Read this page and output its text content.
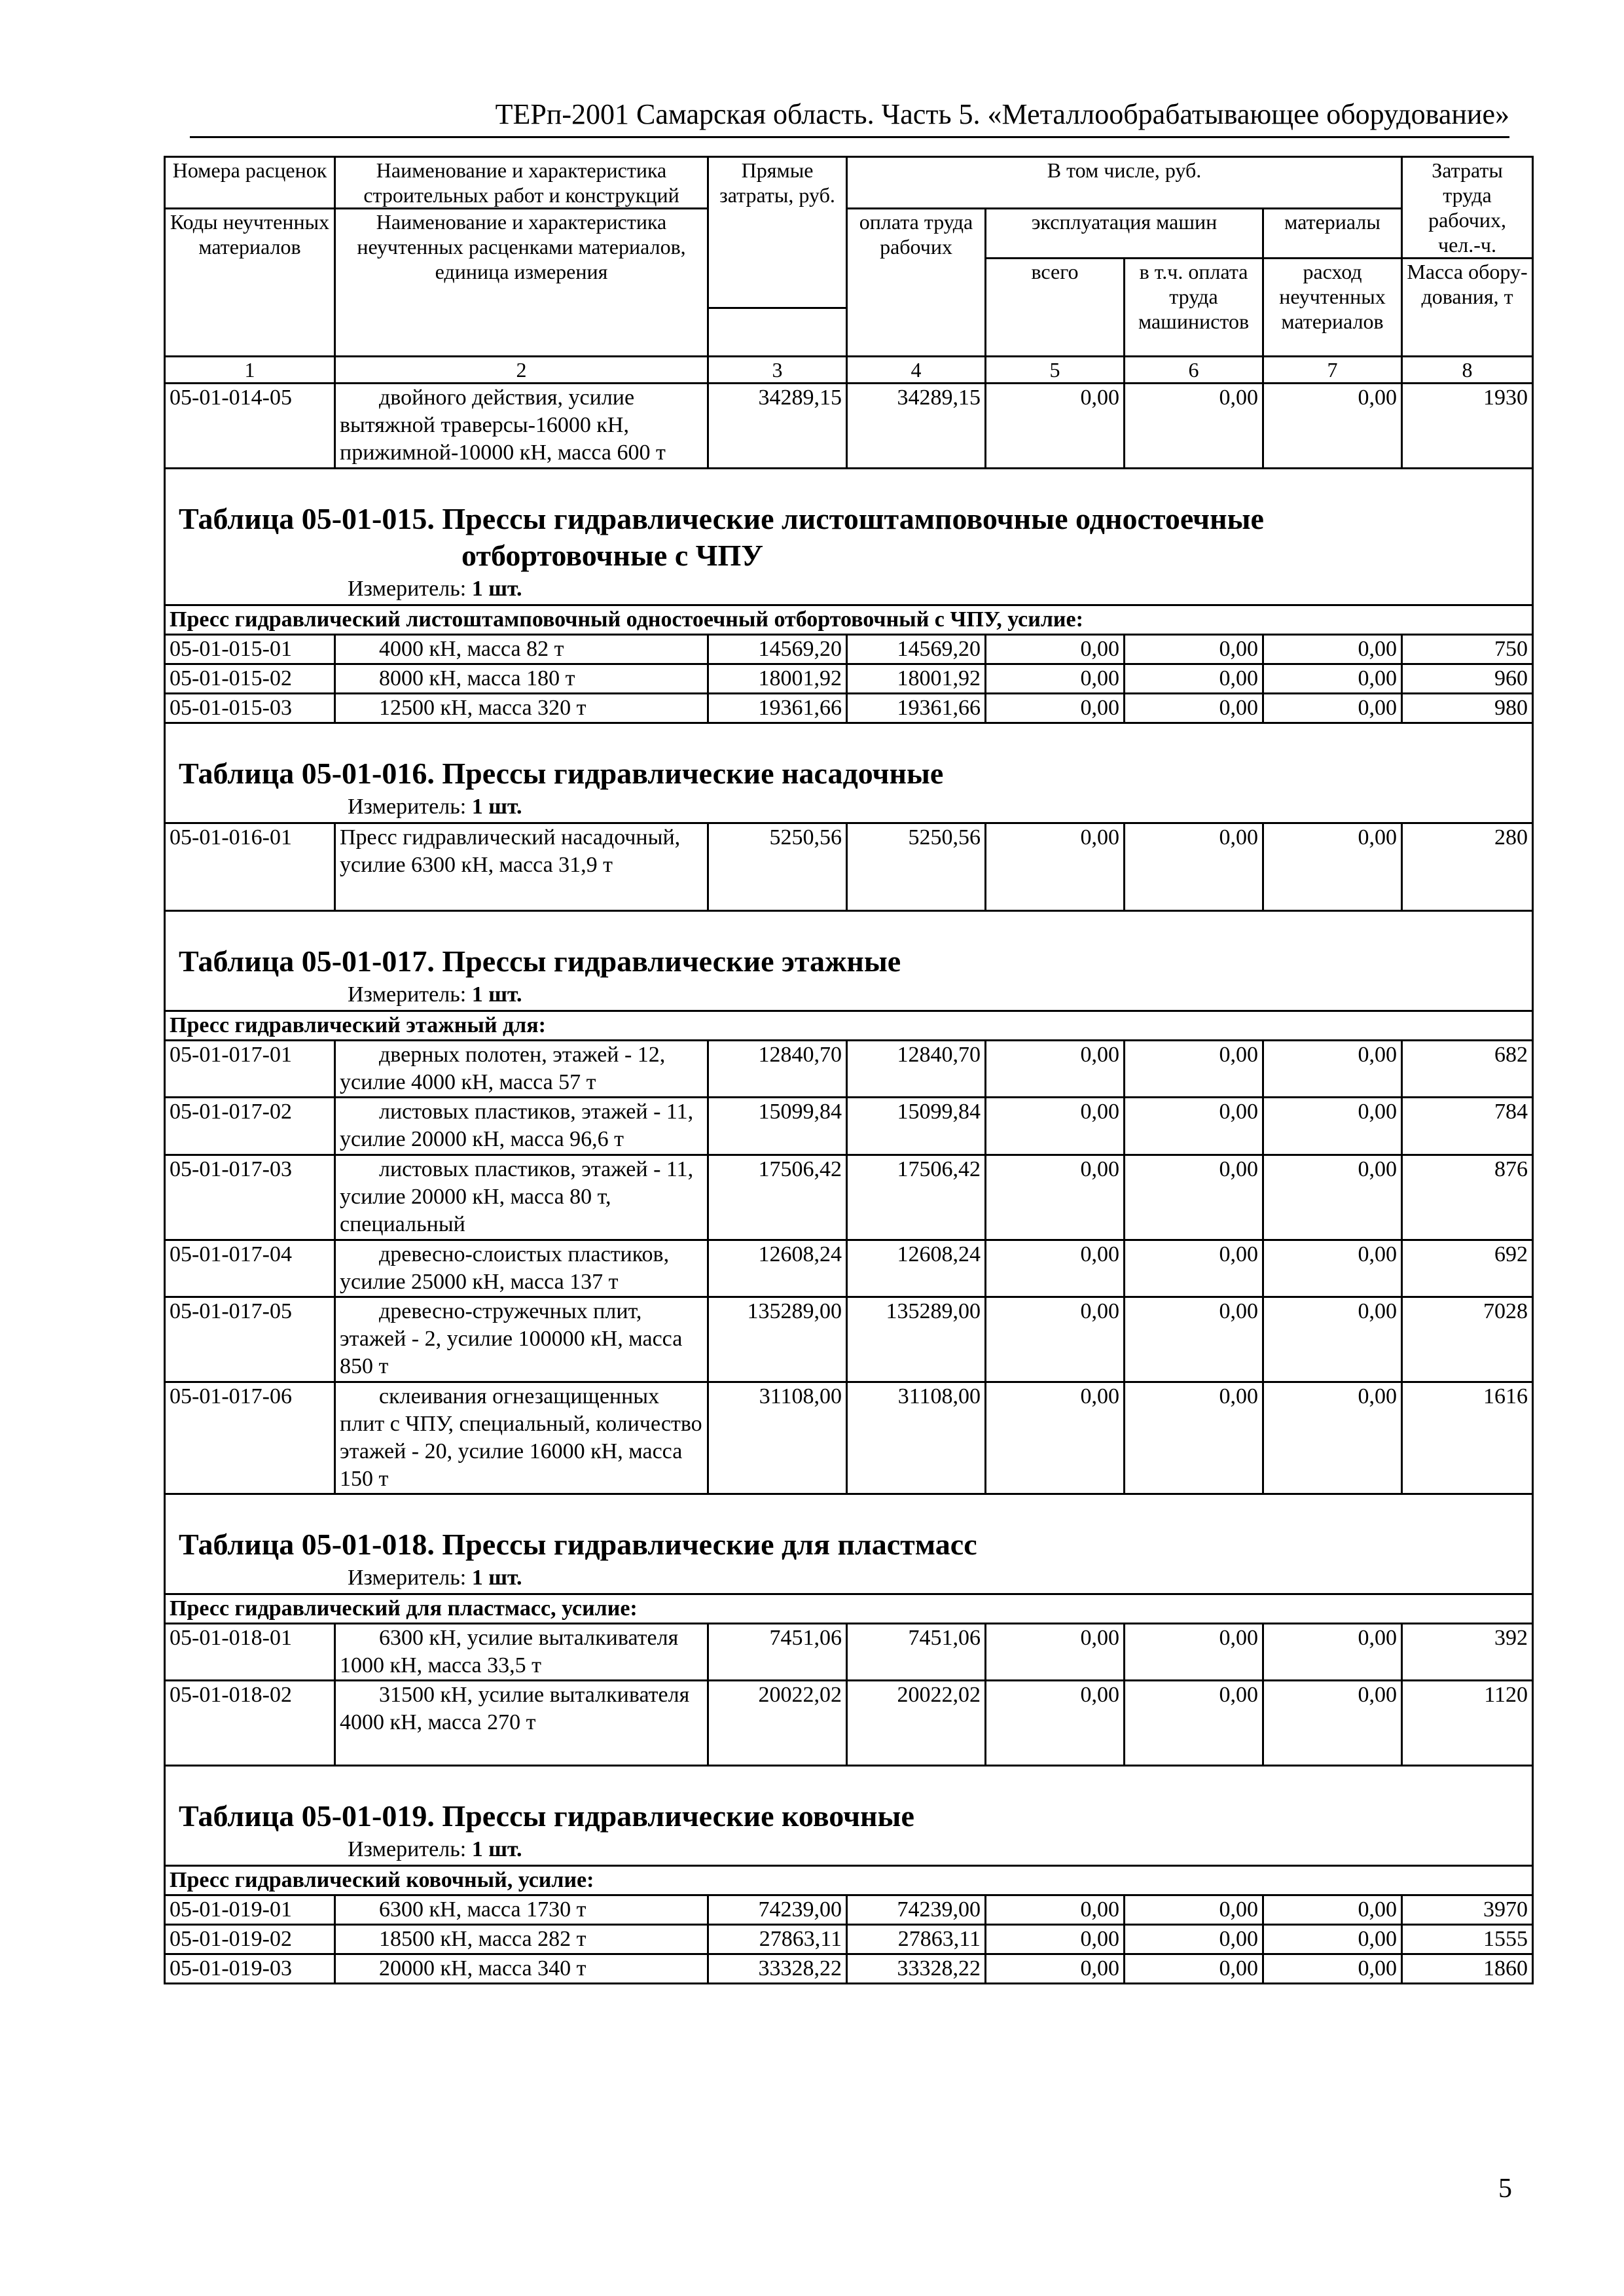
ТЕРп-2001 Самарская область. Часть 5. «Металлообрабатывающее оборудование»
Номера расценок	Наименование и характеристика строительных работ и конструкций	Прямые затраты, руб.	В том числе, руб.				Затраты труда рабочих, чел.-ч.
Коды неучтенных материалов	Наименование и характеристика неучтенных расценками материалов, единица измерения		оплата труда рабочих	эксплуатация машин		материалы	
				всего	в т.ч. оплата труда машинистов	расход неучтенных материалов	Масса обору-дования, т

1	2	3	4	5	6	7	8
05-01-014-05	двойного действия, усилие вытяжной траверсы-16000 кН, прижимной-10000 кН, масса 600 т	34289,15	34289,15	0,00	0,00	0,00	1930

Таблица 05-01-015. Прессы гидравлические листоштамповочные одностоечные
отбортовочные с ЧПУ
Измеритель: 1 шт.							

Пресс гидравлический листоштамповочный одностоечный отбортовочный с ЧПУ, усилие:							
05-01-015-01	4000 кН, масса 82 т	14569,20	14569,20	0,00	0,00	0,00	750
05-01-015-02	8000 кН, масса 180 т	18001,92	18001,92	0,00	0,00	0,00	960
05-01-015-03	12500 кН, масса 320 т	19361,66	19361,66	0,00	0,00	0,00	980

Таблица 05-01-016. Прессы гидравлические насадочные
Измеритель: 1 шт.							

05-01-016-01	Пресс гидравлический насадочный, усилие 6300 кН, масса 31,9 т	5250,56	5250,56	0,00	0,00	0,00	280

Таблица 05-01-017. Прессы гидравлические этажные
Измеритель: 1 шт.							

Пресс гидравлический этажный для:							
05-01-017-01	дверных полотен, этажей - 12, усилие 4000 кН, масса 57 т	12840,70	12840,70	0,00	0,00	0,00	682
05-01-017-02	листовых пластиков, этажей - 11, усилие 20000 кН, масса 96,6 т	15099,84	15099,84	0,00	0,00	0,00	784
05-01-017-03	листовых пластиков, этажей - 11, усилие 20000 кН, масса 80 т, специальный	17506,42	17506,42	0,00	0,00	0,00	876
05-01-017-04	древесно-слоистых пластиков, усилие 25000 кН, масса 137 т	12608,24	12608,24	0,00	0,00	0,00	692
05-01-017-05	древесно-стружечных плит, этажей - 2, усилие 100000 кН, масса 850 т	135289,00	135289,00	0,00	0,00	0,00	7028
05-01-017-06	склеивания огнезащищенных плит с ЧПУ, специальный, количество этажей - 20, усилие 16000 кН, масса 150 т	31108,00	31108,00	0,00	0,00	0,00	1616

Таблица 05-01-018. Прессы гидравлические для пластмасс
Измеритель: 1 шт.							

Пресс гидравлический для пластмасс, усилие:							
05-01-018-01	6300 кН, усилие выталкивателя 1000 кН, масса 33,5 т	7451,06	7451,06	0,00	0,00	0,00	392
05-01-018-02	31500 кН, усилие выталкивателя 4000 кН, масса 270 т	20022,02	20022,02	0,00	0,00	0,00	1120

Таблица 05-01-019. Прессы гидравлические ковочные
Измеритель: 1 шт.							

Пресс гидравлический ковочный, усилие:							
05-01-019-01	6300 кН, масса 1730 т	74239,00	74239,00	0,00	0,00	0,00	3970
05-01-019-02	18500 кН, масса 282 т	27863,11	27863,11	0,00	0,00	0,00	1555
05-01-019-03	20000 кН, масса 340 т	33328,22	33328,22	0,00	0,00	0,00	1860
5
